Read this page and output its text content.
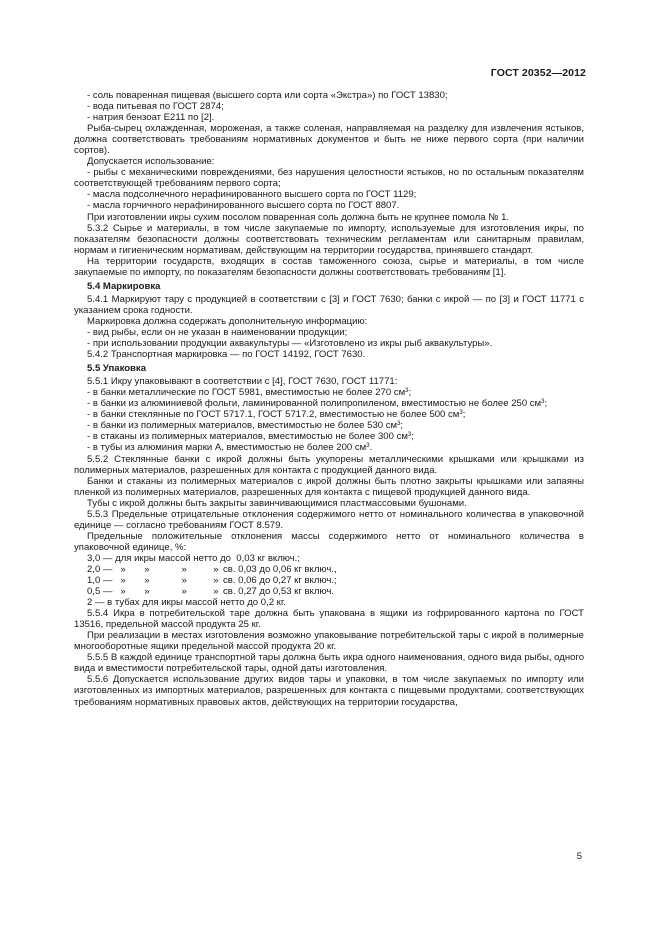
ГОСТ 20352—2012

- соль поваренная пищевая (высшего сорта или сорта «Экстра») по ГОСТ 13830;

- вода питьевая по ГОСТ 2874;

- натрия бензоат Е211 по [2].

Рыба-сырец охлажденная, мороженая, а также соленая, направляемая на разделку для извлечения ястыков, должна соответствовать требованиям нормативных документов и быть не ниже первого сорта (при наличии сортов).

Допускается использование:

- рыбы с механическими повреждениями, без нарушения целостности ястыков, но по остальным показателям соответствующей требованиям первого сорта;

- масла подсолнечного нерафинированного высшего сорта по ГОСТ 1129;

- масла горчичного нерафинированного высшего сорта по ГОСТ 8807.

При изготовлении икры сухим посолом поваренная соль должна быть не крупнее помола № 1.

5.3.2 Сырье и материалы, в том числе закупаемые по импорту, используемые для изготовления икры, по показателям безопасности должны соответствовать техническим регламентам или санитарным правилам, нормам и гигиеническим нормативам, действующим на территории государства, принявшего стандарт.

На территории государств, входящих в состав таможенного союза, сырье и материалы, в том числе закупаемые по импорту, по показателям безопасности должны соответствовать требованиям [1].

5.4 Маркировка

5.4.1 Маркируют тару с продукцией в соответствии с [3] и ГОСТ 7630; банки с икрой — по [3] и ГОСТ 11771 с указанием срока годности.

Маркировка должна содержать дополнительную информацию:

- вид рыбы, если он не указан в наименовании продукции;

- при использовании продукции аквакультуры — «Изготовлено из икры рыб аквакультуры».

5.4.2 Транспортная маркировка — по ГОСТ 14192, ГОСТ 7630.

5.5 Упаковка

5.5.1 Икру упаковывают в соответствии с [4], ГОСТ 7630, ГОСТ 11771:

- в банки металлические по ГОСТ 5981, вместимостью не более 270 $см^3$;

- в банки из алюминиевой фольги, ламинированной полипропиленом, вместимостью не более 250 $см^3$;

- в банки стеклянные по ГОСТ 5717.1, ГОСТ 5717.2, вместимостью не более 500 $см^3$;

- в банки из полимерных материалов, вместимостью не более 530 $см^3$;

- в стаканы из полимерных материалов, вместимостью не более 300 $см^3$;

- в тубы из алюминия марки А, вместимостью не более 200 $см^3$.

5.5.2 Стеклянные банки с икрой должны быть укупорены металлическими крышками или крышками из полимерных материалов, разрешенных для контакта с продукцией данного вида.

Банки и стаканы из полимерных материалов с икрой должны быть плотно закрыты крышками или запаяны пленкой из полимерных материалов, разрешенных для контакта с пищевой продукцией данного вида.

Тубы с икрой должны быть закрыты завинчивающимися пластмассовыми бушонами.

5.5.3 Предельные отрицательные отклонения содержимого нетто от номинального количества в упаковочной единице — согласно требованиям ГОСТ 8.579.

Предельные положительные отклонения массы содержимого нетто от номинального количества в упаковочной единице, %:

3,0 — для икры массой нетто до  0,03 кг включ.;
2,0 —   »       »            »          » св. 0,03 до 0,06 кг включ.,
1,0 —   »       »            »          » св. 0,06 до 0,27 кг включ.;
0,5 —   »       »            »          » св. 0,27 до 0,53 кг включ.

2 — в тубах для икры массой нетто до 0,2 кг.

5.5.4 Икра в потребительской таре должна быть упакована в ящики из гофрированного картона по ГОСТ 13516, предельной массой продукта 25 кг.

При реализации в местах изготовления возможно упаковывание потребительской тары с икрой в полимерные многооборотные ящики предельной массой продукта 20 кг.

5.5.5 В каждой единице транспортной тары должна быть икра одного наименования, одного вида рыбы, одного вида и вместимости потребительской тары, одной даты изготовления.

5.5.6 Допускается использование других видов тары и упаковки, в том числе закупаемых по импорту или изготовленных из импортных материалов, разрешенных для контакта с пищевыми продуктами, соответствующих требованиям нормативных правовых актов, действующих на территории государства,

5
